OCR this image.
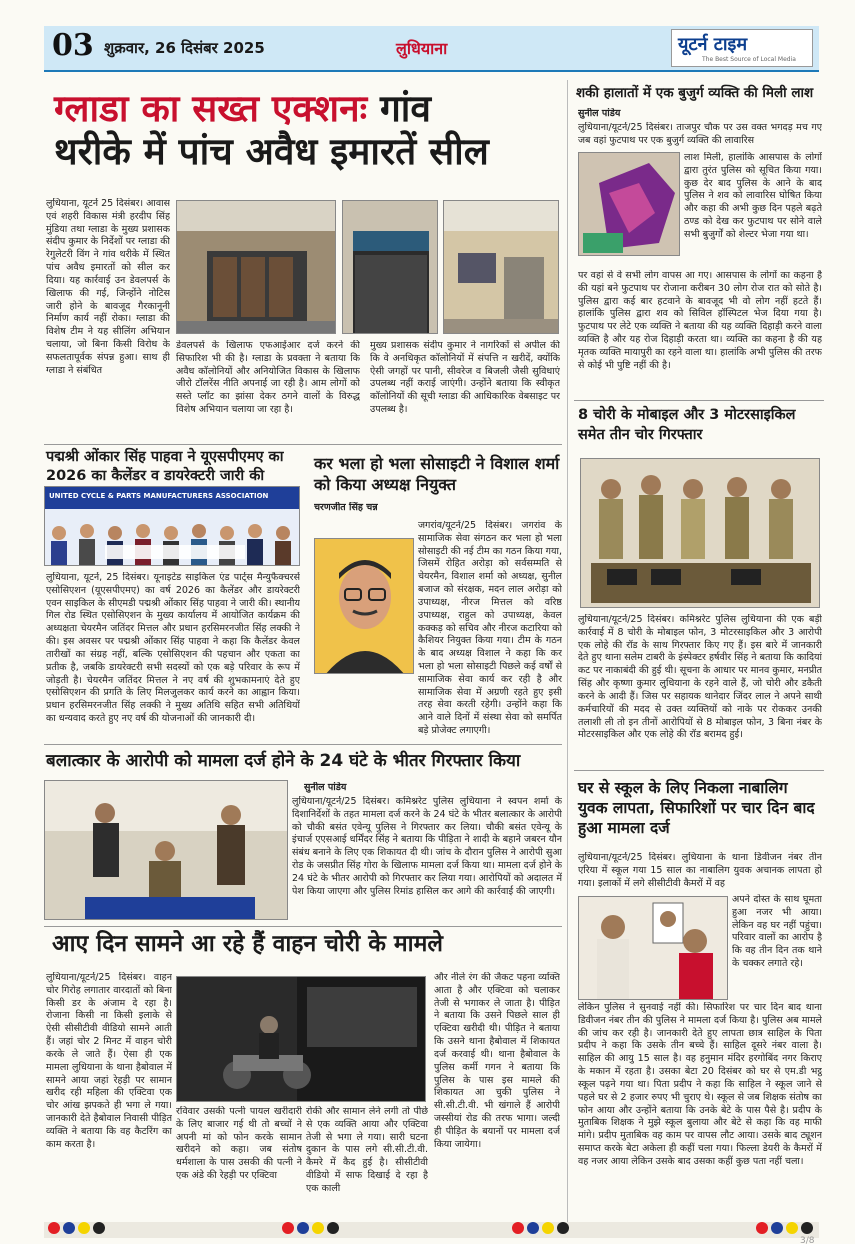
03 शुक्रवार, 26 दिसंबर 2025	लुधियाना	यूटर्न टाइम
The Best Source of Local Media
ग्लाडा का सख्त एक्शनः गांव
थरीके में पांच अवैध इमारतें सील
लुधियाना, यूटर्न 25 दिसंबर। आवास एवं शहरी विकास मंत्री हरदीप सिंह मुंडिया तथा ग्लाडा के मुख्य प्रशासक संदीप कुमार के निर्देशों पर ग्लाडा की रेगुलेटरी विंग ने गांव थरीके में स्थित पांच अवैध इमारतों को सील कर दिया। यह कार्रवाई उन डेवलपर्स के खिलाफ की गई, जिन्होंने नोटिस जारी होने के बावजूद गैरकानूनी निर्माण कार्य नहीं रोका। ग्लाडा की विशेष टीम ने यह सीलिंग अभियान चलाया, जो बिना किसी विरोध के सफलतापूर्वक संपन्न हुआ। साथ ही ग्लाडा ने संबंधित
डेवलपर्स के खिलाफ एफआईआर दर्ज करने की सिफारिश भी की है। ग्लाडा के प्रवक्ता ने बताया कि अवैध कॉलोनियों और अनियोजित विकास के खिलाफ जीरो टॉलरेंस नीति अपनाई जा रही है। आम लोगों को सस्ते प्लॉट का झांसा देकर ठगने वालों के विरुद्ध विशेष अभियान चलाया जा रहा है।
मुख्य प्रशासक संदीप कुमार ने नागरिकों से अपील की कि वे अनधिकृत कॉलोनियों में संपत्ति न खरीदें, क्योंकि ऐसी जगहों पर पानी, सीवरेज व बिजली जैसी सुविधाएं उपलब्ध नहीं कराई जाएंगी। उन्होंने बताया कि स्वीकृत कॉलोनियों की सूची ग्लाडा की आधिकारिक वेबसाइट पर उपलब्ध है।
पद्मश्री ओंकार सिंह पाहवा ने यूएसपीएमए का 2026 का कैलेंडर व डायरेक्टरी जारी की
UNITED CYCLE & PARTS MANUFACTURERS ASSOCIATION
लुधियाना, यूटर्न, 25 दिसंबर। यूनाइटेड साइकिल एंड पार्ट्स मैन्युफैक्चरर्स एसोसिएशन (यूएसपीएमए) का वर्ष 2026 का कैलेंडर और डायरेक्टरी एवन साइकिल के सीएमडी पद्मश्री ओंकार सिंह पाहवा ने जारी की। स्थानीय गिल रोड स्थित एसोसिएशन के मुख्य कार्यालय में आयोजित कार्यक्रम की अध्यक्षता चेयरमैन जतिंदर मित्तल और प्रधान हरसिमरनजीत सिंह लक्की ने की। इस अवसर पर पद्मश्री ओंकार सिंह पाहवा ने कहा कि कैलेंडर केवल तारीखों का संग्रह नहीं, बल्कि एसोसिएशन की पहचान और एकता का प्रतीक है, जबकि डायरेक्टरी सभी सदस्यों को एक बड़े परिवार के रूप में जोड़ती है। चेयरमैन जतिंदर मित्तल ने नए वर्ष की शुभकामनाएं देते हुए एसोसिएशन की प्रगति के लिए मिलजुलकर कार्य करने का आह्वान किया। प्रधान हरसिमरनजीत सिंह लक्की ने मुख्य अतिथि सहित सभी अतिथियों का धन्यवाद करते हुए नए वर्ष की योजनाओं की जानकारी दी।
कर भला हो भला सोसाइटी ने विशाल शर्मा को किया अध्यक्ष नियुक्त
चरणजीत सिंह चन्न
जगरांव/यूटर्न/25 दिसंबर। जगरांव के सामाजिक सेवा संगठन कर भला हो भला सोसाइटी की नई टीम का गठन किया गया, जिसमें रोहित अरोड़ा को सर्वसम्मति से चेयरमैन, विशाल शर्मा को अध्यक्ष, सुनील बजाज को संरक्षक, मदन लाल अरोड़ा को उपाध्यक्ष, नीरज मित्तल को वरिष्ठ उपाध्यक्ष, राहुल को उपाध्यक्ष, केवल कक्कड़ को सचिव और नीरज कटारिया को कैशियर नियुक्त किया गया। टीम के गठन के बाद अध्यक्ष विशाल ने कहा कि कर भला हो भला सोसाइटी पिछले कई वर्षों से सामाजिक सेवा कार्य कर रही है और सामाजिक सेवा में अग्रणी रहते हुए इसी तरह सेवा करती रहेगी। उन्होंने कहा कि आने वाले दिनों में संस्था सेवा को समर्पित बड़े प्रोजेक्ट लगाएगी।
बलात्कार के आरोपी को मामला दर्ज होने के 24 घंटे के भीतर गिरफ्तार किया
सुनील पांडेय
लुधियाना/यूटर्न/25 दिसंबर। कमिश्नरेट पुलिस लुधियाना ने स्वपन शर्मा के दिशानिर्देशों के तहत मामला दर्ज करने के 24 घंटे के भीतर बलात्कार के आरोपी को चौकी बसंत एवेन्यू पुलिस ने गिरफ्तार कर लिया। चौकी बसंत एवेन्यू के इंचार्ज एएसआई धर्मिंदर सिंह ने बताया कि पीड़िता ने शादी के बहाने जबरन यौन संबंध बनाने के लिए एक शिकायत दी थी। जांच के दौरान पुलिस ने आरोपी सुआ रोड के जसप्रीत सिंह गोरा के खिलाफ मामला दर्ज किया था। मामला दर्ज होने के 24 घंटे के भीतर आरोपी को गिरफ्तार कर लिया गया। आरोपियों को अदालत में पेश किया जाएगा और पुलिस रिमांड हासिल कर आगे की कार्रवाई की जाएगी।
आए दिन सामने आ रहे हैं वाहन चोरी के मामले
लुधियाना/यूटर्न/25 दिसंबर। वाहन चोर गिरोह लगातार वारदातों को बिना किसी डर के अंजाम दे रहा है। रोजाना किसी ना किसी इलाके से ऐसी सीसीटीवी वीडियो सामने आती हैं। जहां चोर 2 मिनट में वाहन चोरी करके ले जाते हैं। ऐसा ही एक मामला लुधियाना के थाना हैबोवाल में सामने आया जहां रेहड़ी पर सामान खरीद रही महिला की एक्टिवा एक चोर आंख झपकते ही भगा ले गया। जानकारी देते हैबोवाल निवासी पीड़ित व्यक्ति ने बताया कि वह कैटरिंग का काम करता है।
रविवार उसकी पत्नी पायल खरीदारी के लिए बाजार गई थी तो बच्चों ने अपनी मां को फोन करके सामान खरीदने को कहा। जब संतोष धर्मशाला के पास उसकी की पत्नी ने एक अंडे की रेहड़ी पर एक्टिवा
रोकी और सामान लेने लगी तो पीछे से एक व्यक्ति आया और एक्टिवा तेजी से भगा ले गया। सारी घटना दुकान के पास लगे सी.सी.टी.वी. कैमरे में कैद हुई है। सीसीटीवी वीडियो में साफ दिखाई दे रहा है एक काली
और नीले रंग की जैकट पहना व्यक्ति आता है और एक्टिवा को चलाकर तेजी से भगाकर ले जाता है। पीड़ित ने बताया कि उसने पिछले साल ही एक्टिवा खरीदी थी। पीड़ित ने बताया कि उसने थाना हैबोवाल में शिकायत दर्ज करवाई थी। थाना हैबोवाल के पुलिस कर्मी गगन ने बताया कि पुलिस के पास इस मामले की शिकायत आ चुकी पुलिस ने सी.सी.टी.वी. भी खंगाले हैं आरोपी जस्सीयां रोड की तरफ भागा। जल्दी ही पीड़ित के बयानों पर मामला दर्ज किया जायेगा।
शकी हालातों में एक बुजुर्ग व्यक्ति की मिली लाश
सुनील पांडेय
लुधियाना/यूटर्न/25 दिसंबर। ताजपुर चौक पर उस वक्त भगदड़ मच गए जब वहां फुटपाथ पर एक बुजुर्ग व्यक्ति की लावारिस
लाश मिली, हालांकि आसपास के लोगों द्वारा तुरंत पुलिस को सूचित किया गया। कुछ देर बाद पुलिस के आने के बाद पुलिस ने शव को लावारिस घोषित किया और कहा की अभी कुछ दिन पहले बढ़ते ठण्ड को देख कर फुटपाथ पर सोने वाले सभी बुजुर्गों को शेल्टर भेजा गया था।
पर वहां से वे सभी लोग वापस आ गए। आसपास के लोगों का कहना है की यहां बने फुटपाथ पर रोजाना करीबन 30 लोग रोज रात को सोते है। पुलिस द्वारा कई बार हटवाने के बावजूद भी वो लोग नहीं हटते हैं। हालांकि पुलिस द्वारा शव को सिविल हॉस्पिटल भेज दिया गया है। फुटपाथ पर लेटे एक व्यक्ति ने बताया की यह व्यक्ति दिहाड़ी करने वाला व्यक्ति है और यह रोज दिहाड़ी करता था। व्यक्ति का कहना है की यह मृतक व्यक्ति मायापुरी का रहने वाला था। हालांकि अभी पुलिस की तरफ से कोई भी पुष्टि नहीं की है।
8 चोरी के मोबाइल और 3 मोटरसाइकिल समेत तीन चोर गिरफ्तार
लुधियाना/यूटर्न/25 दिसंबर। कमिश्नरेट पुलिस लुधियाना की एक बड़ी कार्रवाई में 8 चोरी के मोबाइल फोन, 3 मोटरसाइकिल और 3 आरोपी एक लोहे की रॉड के साथ गिरफ्तार किए गए हैं। इस बारे में जानकारी देते हुए थाना सलेम टाबरी के इंस्पेक्टर हर्षवीर सिंह ने बताया कि कादियां कट पर नाकाबंदी की हुई थी। सूचना के आधार पर मानव कुमार, मनप्रीत सिंह और कृष्णा कुमार लुधियाना के रहने वाले हैं, जो चोरी और डकैती करने के आदी हैं। जिस पर सहायक थानेदार जिंदर लाल ने अपने साथी कर्मचारियों की मदद से उक्त व्यक्तियों को नाके पर रोककर उनकी तलाशी ली तो इन तीनों आरोपियों से 8 मोबाइल फोन, 3 बिना नंबर के मोटरसाइकिल और एक लोहे की रॉड बरामद हुई।
घर से स्कूल के लिए निकला नाबालिग युवक लापता, सिफारिशों पर चार दिन बाद हुआ मामला दर्ज
लुधियाना/यूटर्न/25 दिसंबर। लुधियाना के थाना डिवीजन नंबर तीन एरिया में स्कूल गया 15 साल का नाबालिग युवक अचानक लापता हो गया। इलाकों में लगे सीसीटीवी कैमरों में वह
अपने दोस्त के साथ घूमता हुआ नजर भी आया। लेकिन वह घर नहीं पहुंचा। परिवार वालों का आरोप है कि वह तीन दिन तक थाने के चक्कर लगाते रहे।
लेकिन पुलिस ने सुनवाई नहीं की। सिफारिश पर चार दिन बाद थाना डिवीजन नंबर तीन की पुलिस ने मामला दर्ज किया है। पुलिस अब मामले की जांच कर रही है। जानकारी देते हुए लापता छात्र साहिल के पिता प्रदीप ने कहा कि उसके तीन बच्चे हैं। साहिल दूसरे नंबर वाला है। साहिल की आयु 15 साल है। वह हनुमान मंदिर हरगोबिंद नगर किराए के मकान में रहता है। उसका बेटा 20 दिसंबर को घर से एम.डी भट्ठ स्कूल पढ़ने गया था। पिता प्रदीप ने कहा कि साहिल ने स्कूल जाने से पहले घर से 2 हजार रुपए भी चुराए थे। स्कूल से जब शिक्षक संतोष का फोन आया और उन्होंने बताया कि उनके बेटे के पास पैसे है। प्रदीप के मुताबिक शिक्षक ने मुझे स्कूल बुलाया और बेटे से कहा कि वह माफी मांगे। प्रदीप मुताबिक वह काम पर वापस लौट आया। उसके बाद ट्यूशन समाप्त करके बेटा अकेला ही कहीं चला गया। फिल्ला डेयरी के कैमरों में वह नजर आया लेकिन उसके बाद उसका कहीं कुछ पता नहीं चला।
3/8
